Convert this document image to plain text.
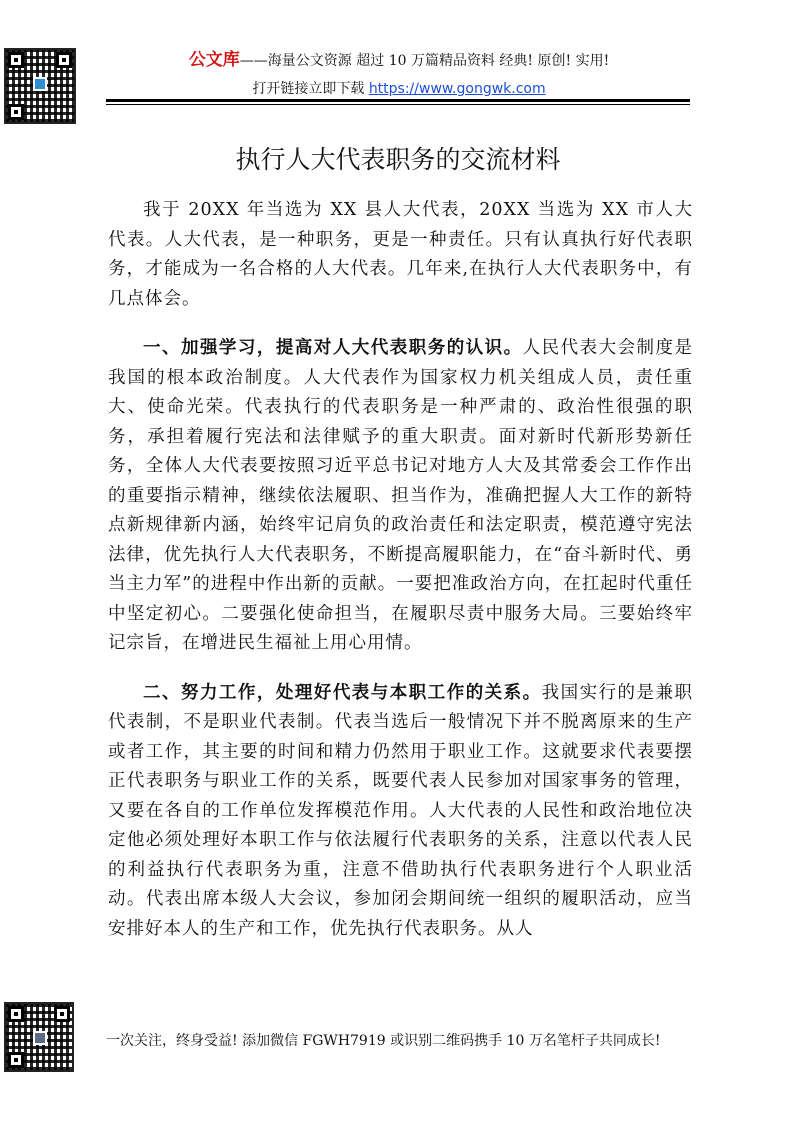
公文库——海量公文资源 超过 10 万篇精品资料 经典! 原创! 实用!
打开链接立即下载 https://www.gongwk.com
执行人大代表职务的交流材料

我于 20XX 年当选为 XX 县人大代表，20XX 当选为 XX 市人大代表。人大代表，是一种职务，更是一种责任。只有认真执行好代表职务，才能成为一名合格的人大代表。几年来,在执行人大代表职务中，有几点体会。

一、加强学习，提高对人大代表职务的认识。人民代表大会制度是我国的根本政治制度。人大代表作为国家权力机关组成人员，责任重大、使命光荣。代表执行的代表职务是一种严肃的、政治性很强的职务，承担着履行宪法和法律赋予的重大职责。面对新时代新形势新任务，全体人大代表要按照习近平总书记对地方人大及其常委会工作作出的重要指示精神，继续依法履职、担当作为，准确把握人大工作的新特点新规律新内涵，始终牢记肩负的政治责任和法定职责，模范遵守宪法法律，优先执行人大代表职务，不断提高履职能力，在“奋斗新时代、勇当主力军”的进程中作出新的贡献。一要把准政治方向，在扛起时代重任中坚定初心。二要强化使命担当，在履职尽责中服务大局。三要始终牢记宗旨，在增进民生福祉上用心用情。

二、努力工作，处理好代表与本职工作的关系。我国实行的是兼职代表制，不是职业代表制。代表当选后一般情况下并不脱离原来的生产或者工作，其主要的时间和精力仍然用于职业工作。这就要求代表要摆正代表职务与职业工作的关系，既要代表人民参加对国家事务的管理，又要在各自的工作单位发挥模范作用。人大代表的人民性和政治地位决定他必须处理好本职工作与依法履行代表职务的关系，注意以代表人民的利益执行代表职务为重，注意不借助执行代表职务进行个人职业活动。代表出席本级人大会议，参加闭会期间统一组织的履职活动，应当安排好本人的生产和工作，优先执行代表职务。从人

一次关注，终身受益! 添加微信 FGWH7919 或识别二维码携手 10 万名笔杆子共同成长!
